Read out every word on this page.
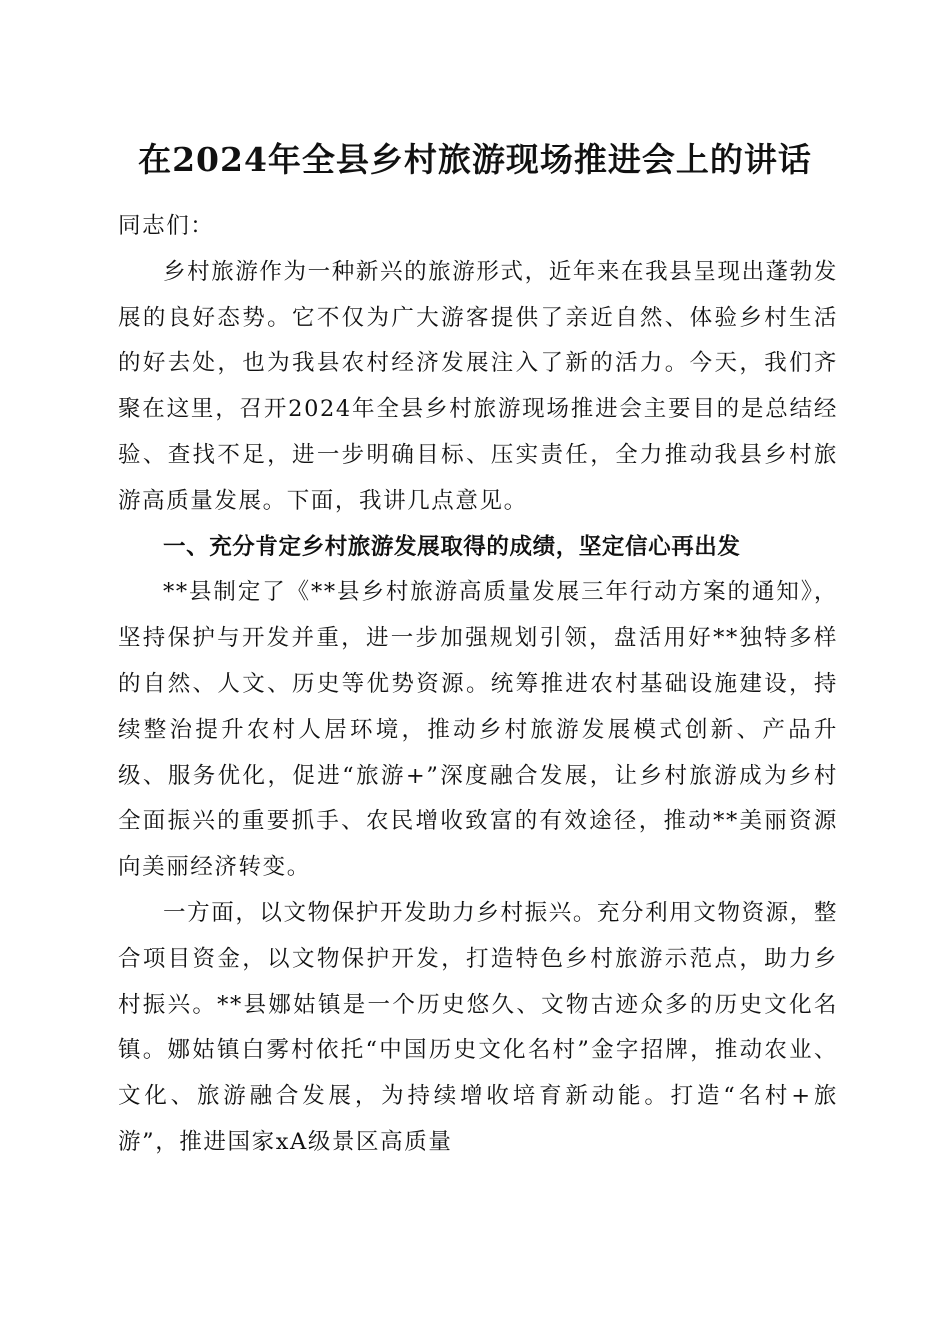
在2024年全县乡村旅游现场推进会上的讲话

同志们：

乡村旅游作为一种新兴的旅游形式，近年来在我县呈现出蓬勃发展的良好态势。它不仅为广大游客提供了亲近自然、体验乡村生活的好去处，也为我县农村经济发展注入了新的活力。今天，我们齐聚在这里，召开2024年全县乡村旅游现场推进会主要目的是总结经验、查找不足，进一步明确目标、压实责任，全力推动我县乡村旅游高质量发展。下面，我讲几点意见。

一、充分肯定乡村旅游发展取得的成绩，坚定信心再出发

**县制定了《**县乡村旅游高质量发展三年行动方案的通知》，坚持保护与开发并重，进一步加强规划引领，盘活用好**独特多样的自然、人文、历史等优势资源。统筹推进农村基础设施建设，持续整治提升农村人居环境，推动乡村旅游发展模式创新、产品升级、服务优化，促进“旅游+”深度融合发展，让乡村旅游成为乡村全面振兴的重要抓手、农民增收致富的有效途径，推动**美丽资源向美丽经济转变。

一方面，以文物保护开发助力乡村振兴。充分利用文物资源，整合项目资金，以文物保护开发，打造特色乡村旅游示范点，助力乡村振兴。**县娜姑镇是一个历史悠久、文物古迹众多的历史文化名镇。娜姑镇白雾村依托“中国历史文化名村”金字招牌，推动农业、文化、旅游融合发展，为持续增收培育新动能。打造“名村+旅游”，推进国家xA级景区高质量
